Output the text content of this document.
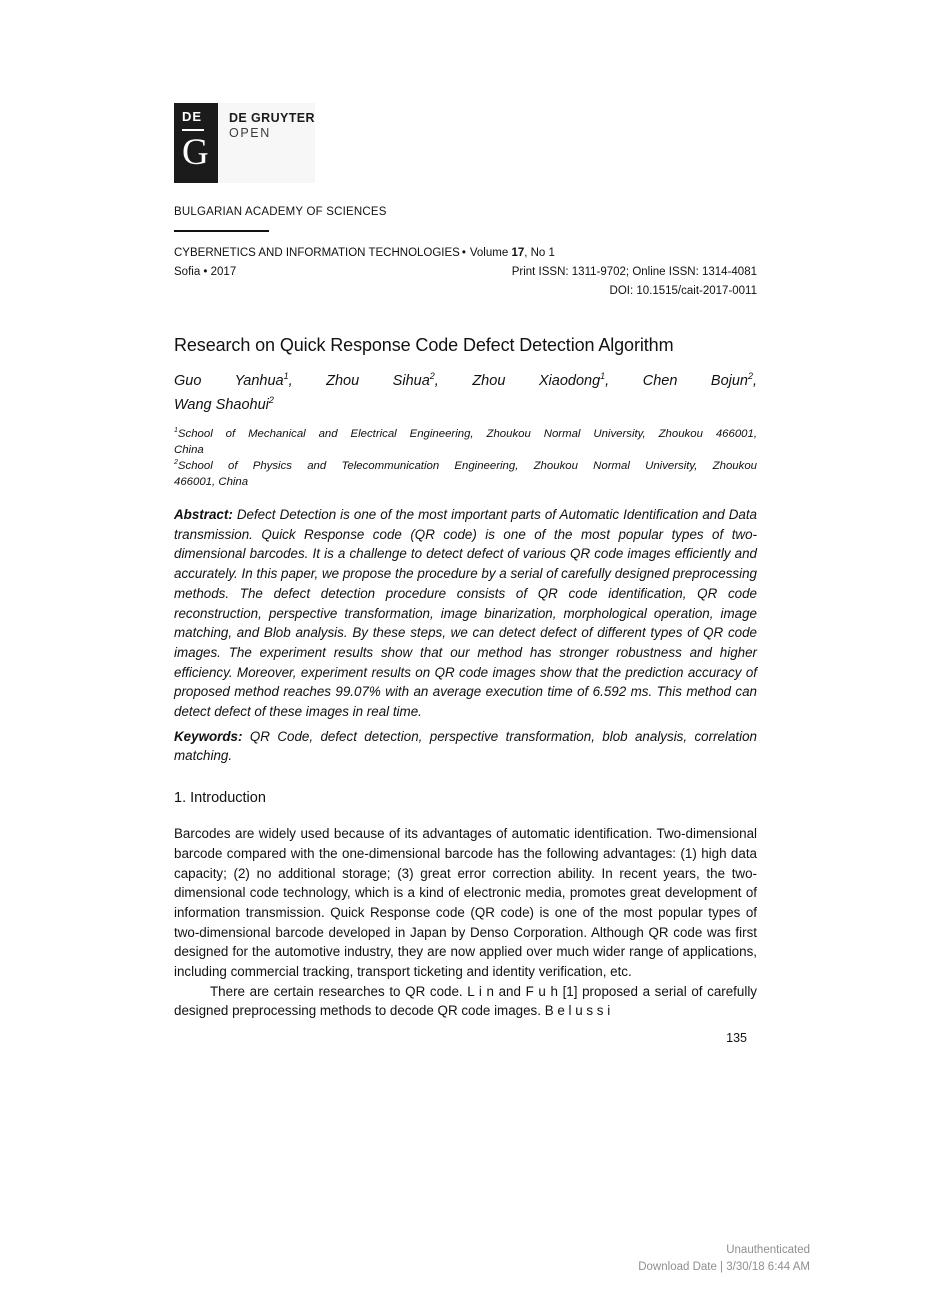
DE
G
DE GRUYTER
OPEN
BULGARIAN ACADEMY OF SCIENCES
CYBERNETICS AND INFORMATION TECHNOLOGIES • Volume 17, No 1
Sofia • 2017	Print ISSN: 1311-9702; Online ISSN: 1314-4081
DOI: 10.1515/cait-2017-0011
Research on Quick Response Code Defect Detection Algorithm
Guo Yanhua$^1$, Zhou Sihua$^2$, Zhou Xiaodong$^1$, Chen Bojun$^2$,
Wang Shaohui$^2$
$^1$School of Mechanical and Electrical Engineering, Zhoukou Normal University, Zhoukou 466001,
China
$^2$School of Physics and Telecommunication Engineering, Zhoukou Normal University, Zhoukou
466001, China

Abstract: Defect Detection is one of the most important parts of Automatic Identification and Data transmission. Quick Response code (QR code) is one of the most popular types of two-dimensional barcodes. It is a challenge to detect defect of various QR code images efficiently and accurately. In this paper, we propose the procedure by a serial of carefully designed preprocessing methods. The defect detection procedure consists of QR code identification, QR code reconstruction, perspective transformation, image binarization, morphological operation, image matching, and Blob analysis. By these steps, we can detect defect of different types of QR code images. The experiment results show that our method has stronger robustness and higher efficiency. Moreover, experiment results on QR code images show that the prediction accuracy of proposed method reaches 99.07% with an average execution time of 6.592 ms. This method can detect defect of these images in real time.

Keywords: QR Code, defect detection, perspective transformation, blob analysis, correlation matching.

1. Introduction

Barcodes are widely used because of its advantages of automatic identification. Two-dimensional barcode compared with the one-dimensional barcode has the following advantages: (1) high data capacity; (2) no additional storage; (3) great error correction ability. In recent years, the two-dimensional code technology, which is a kind of electronic media, promotes great development of information transmission. Quick Response code (QR code) is one of the most popular types of two-dimensional barcode developed in Japan by Denso Corporation. Although QR code was first designed for the automotive industry, they are now applied over much wider range of applications, including commercial tracking, transport ticketing and identity verification, etc.

There are certain researches to QR code. L i n and F u h [1] proposed a serial of carefully designed preprocessing methods to decode QR code images. B e l u s s i

135
Unauthenticated
Download Date | 3/30/18 6:44 AM
